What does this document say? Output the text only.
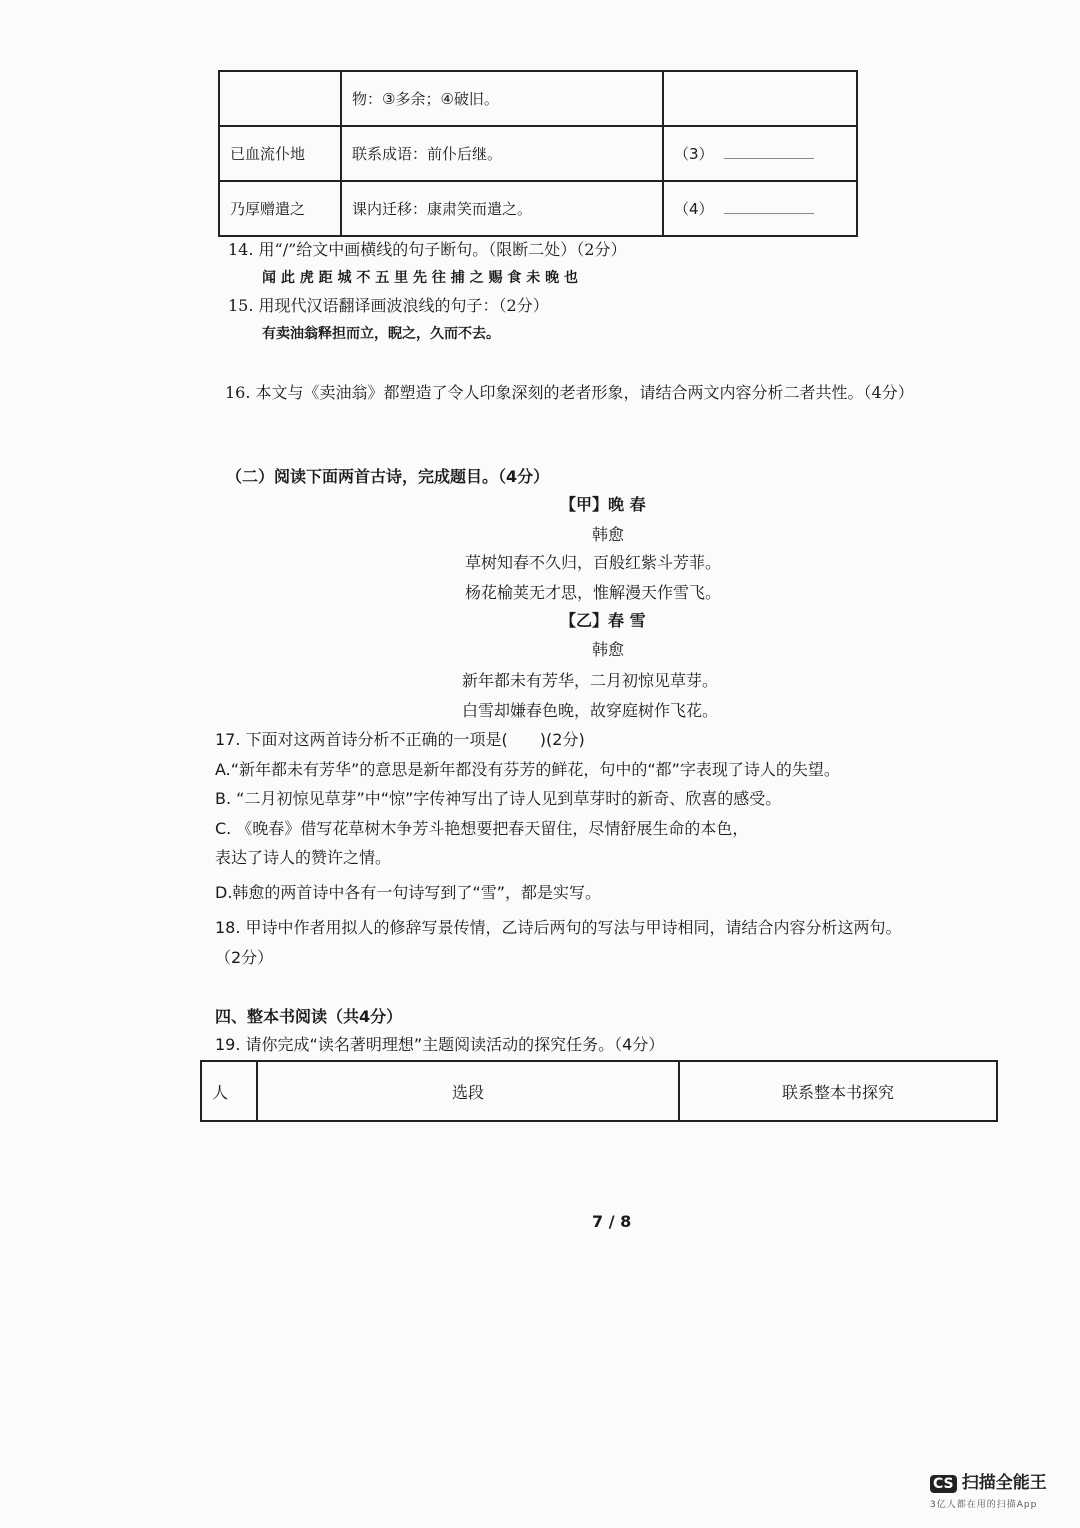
	物：③多余；④破旧。	
已血流仆地	联系成语：前仆后继。	（3）
乃厚赠遣之	课内迁移：康肃笑而遣之。	（4）
14. 用“/”给文中画横线的句子断句。（限断二处）（2分）
闻 此 虎 距 城 不 五 里 先 往 捕 之 赐 食 未 晚 也
15. 用现代汉语翻译画波浪线的句子：（2分）
有卖油翁释担而立，睨之，久而不去。
16. 本文与《卖油翁》都塑造了令人印象深刻的老者形象，请结合两文内容分析二者共性。（4分）
（二）阅读下面两首古诗，完成题目。（4分）
【甲】晚 春
韩愈
草树知春不久归，百般红紫斗芳菲。
杨花榆荚无才思，惟解漫天作雪飞。
【乙】春 雪
韩愈
新年都未有芳华，二月初惊见草芽。
白雪却嫌春色晚，故穿庭树作飞花。
17. 下面对这两首诗分析不正确的一项是(　　)(2分)
A.“新年都未有芳华”的意思是新年都没有芬芳的鲜花，句中的“都”字表现了诗人的失望。
B. “二月初惊见草芽”中“惊”字传神写出了诗人见到草芽时的新奇、欣喜的感受。
C. 《晚春》借写花草树木争芳斗艳想要把春天留住，尽情舒展生命的本色，
表达了诗人的赞许之情。
D.韩愈的两首诗中各有一句诗写到了“雪”，都是实写。
18. 甲诗中作者用拟人的修辞写景传情，乙诗后两句的写法与甲诗相同，请结合内容分析这两句。
（2分）
四、整本书阅读（共4分）
19. 请你完成“读名著明理想”主题阅读活动的探究任务。（4分）
人	选段	联系整本书探究
7 / 8
CS 扫描全能王
3亿人都在用的扫描App
